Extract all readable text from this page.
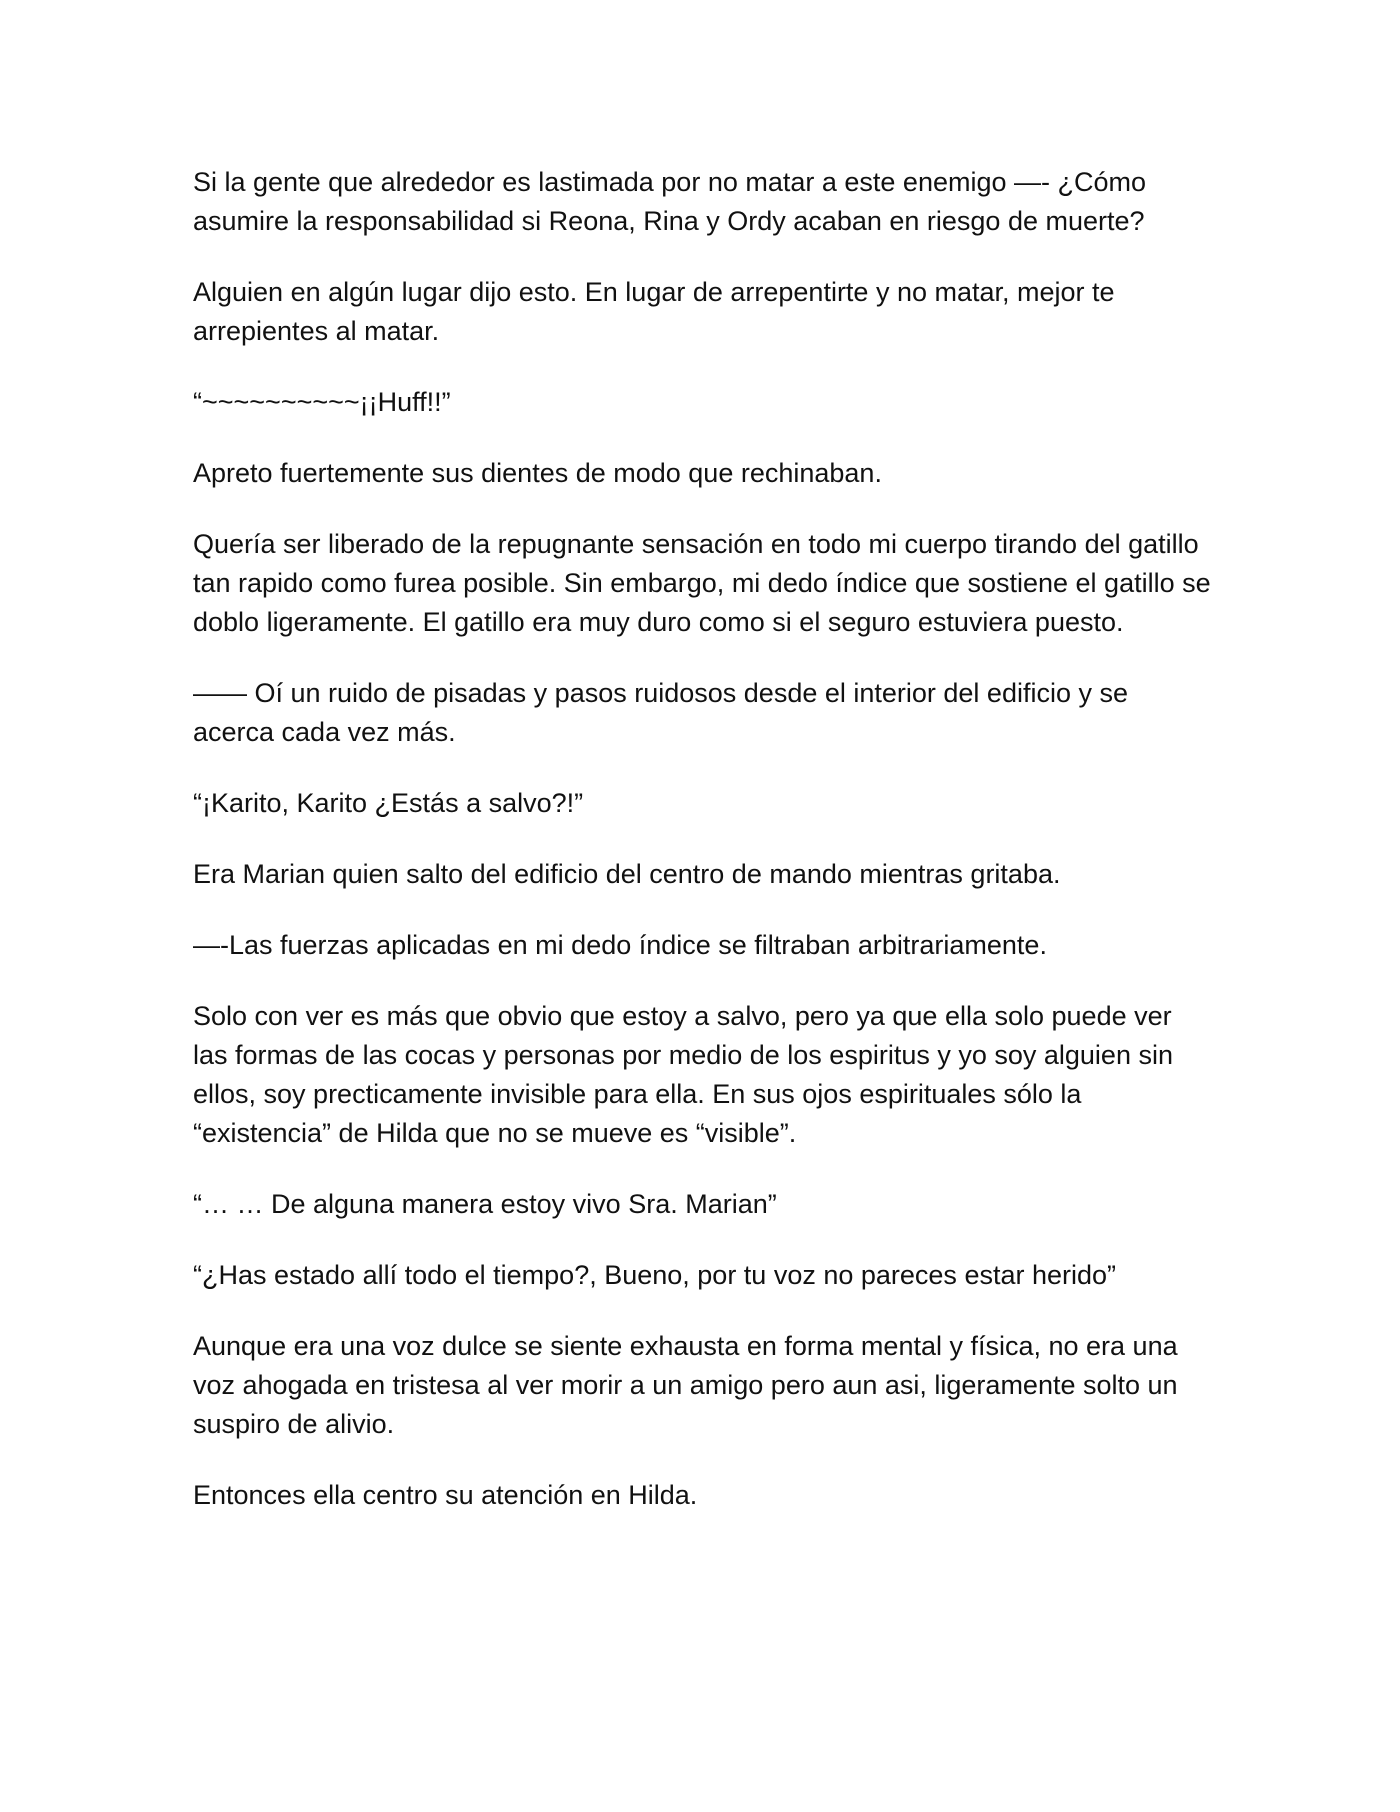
Si la gente que alrededor es lastimada por no matar a este enemigo —- ¿Cómo asumire la responsabilidad si Reona, Rina y Ordy acaban en riesgo de muerte?

Alguien en algún lugar dijo esto. En lugar de arrepentirte y no matar, mejor te arrepientes al matar.

“~~~~~~~~~~¡¡Huff!!”

Apreto fuertemente sus dientes de modo que rechinaban.

Quería ser liberado de la repugnante sensación en todo mi cuerpo tirando del gatillo tan rapido como furea posible. Sin embargo, mi dedo índice que sostiene el gatillo se doblo ligeramente. El gatillo era muy duro como si el seguro estuviera puesto.

—— Oí un ruido de pisadas y pasos ruidosos desde el interior del edificio y se acerca cada vez más.

“¡Karito, Karito ¿Estás a salvo?!”

Era Marian quien salto del edificio del centro de mando mientras gritaba.

—-Las fuerzas aplicadas en mi dedo índice se filtraban arbitrariamente.

Solo con ver es más que obvio que estoy a salvo, pero ya que ella solo puede ver las formas de las cocas y personas por medio de los espiritus y yo soy alguien sin ellos, soy precticamente invisible para ella. En sus ojos espirituales sólo la “existencia” de Hilda que no se mueve es “visible”.

“… … De alguna manera estoy vivo Sra. Marian”

“¿Has estado allí todo el tiempo?, Bueno, por tu voz no pareces estar herido”

Aunque era una voz dulce se siente exhausta en forma mental y física, no era una voz ahogada en tristesa al ver morir a un amigo pero aun asi, ligeramente solto un suspiro de alivio.

Entonces ella centro su atención en Hilda.
